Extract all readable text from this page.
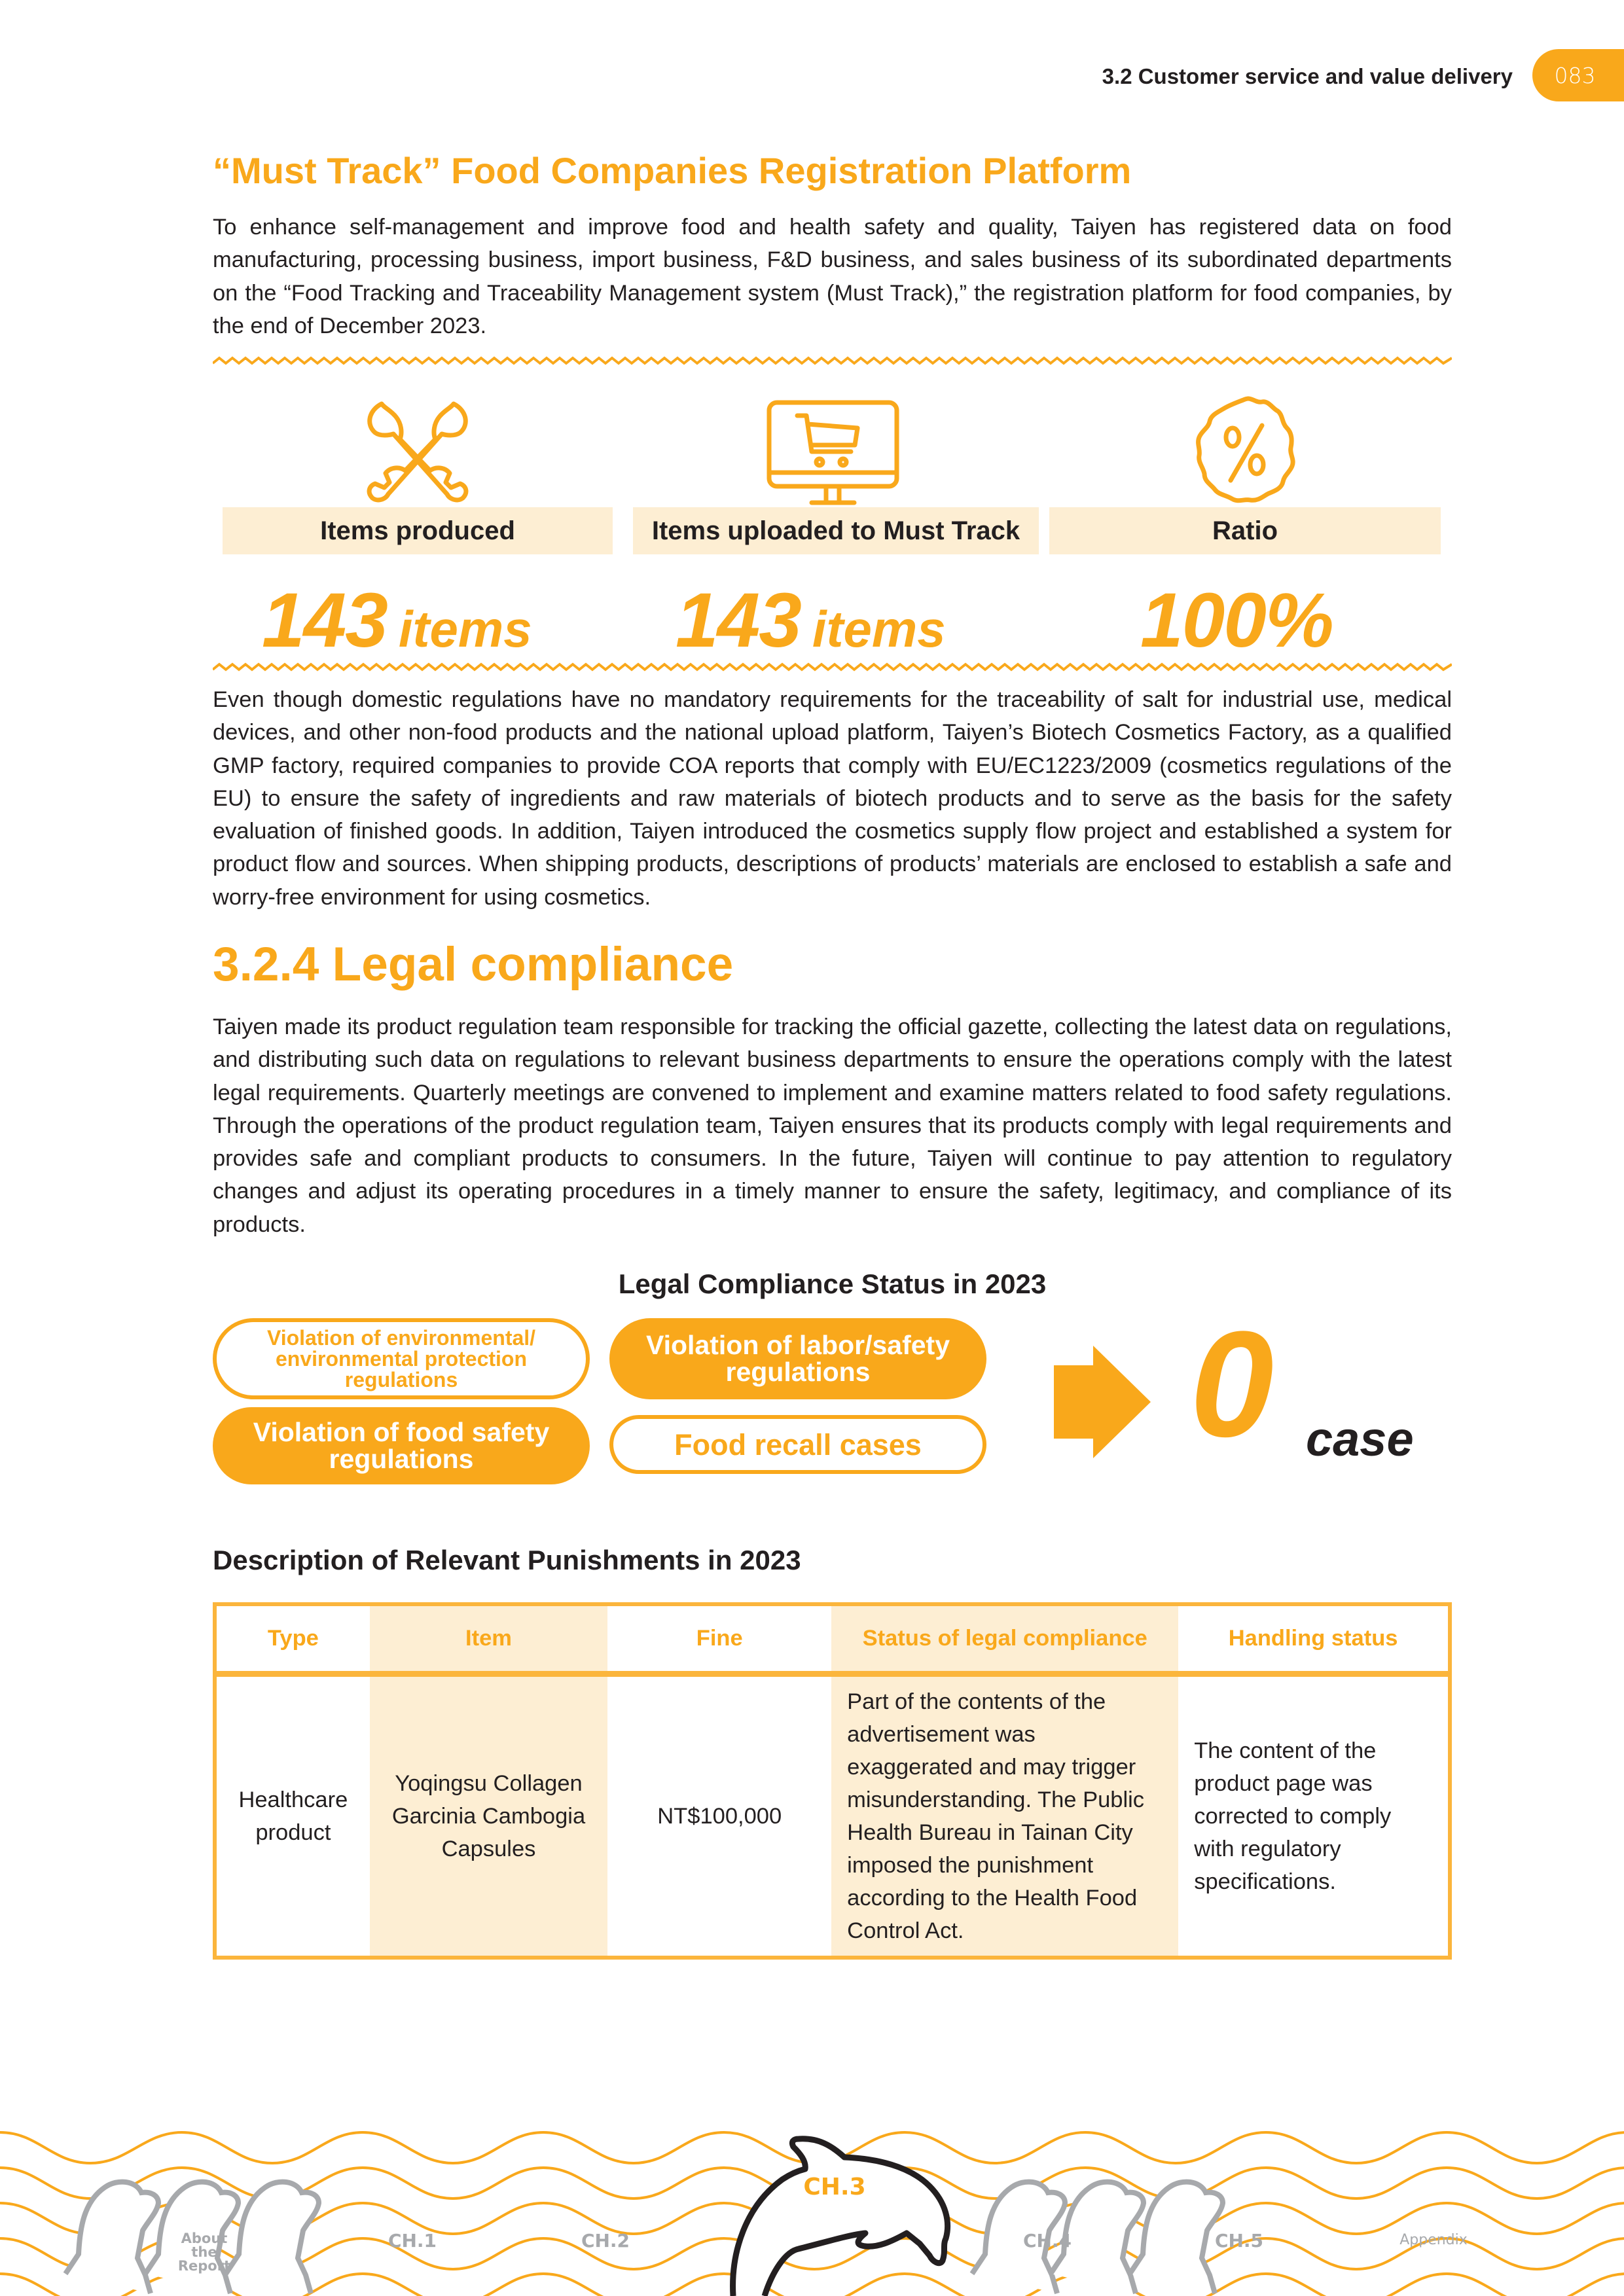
3.2 Customer service and value delivery	083
“Must Track” Food Companies Registration Platform
To enhance self-management and improve food and health safety and quality, Taiyen has registered data on food manufacturing, processing business, import business, F&D business, and sales business of its subordinated departments on the “Food Tracking and Traceability Management system (Must Track),” the registration platform for food companies, by the end of December 2023.
Items produced	Items uploaded to Must Track	Ratio
143 items 143 items	100%
Even though domestic regulations have no mandatory requirements for the traceability of salt for industrial use, medical devices, and other non-food products and the national upload platform, Taiyen’s Biotech Cosmetics Factory, as a qualified GMP factory, required companies to provide COA reports that comply with EU/EC1223/2009 (cosmetics regulations of the EU) to ensure the safety of ingredients and raw materials of biotech products and to serve as the basis for the safety evaluation of finished goods. In addition, Taiyen introduced the cosmetics supply flow project and established a system for product flow and sources. When shipping products, descriptions of products’ materials are enclosed to establish a safe and worry-free environment for using cosmetics.
3.2.4 Legal compliance
Taiyen made its product regulation team responsible for tracking the official gazette, collecting the latest data on regulations, and distributing such data on regulations to relevant business departments to ensure the operations comply with the latest legal requirements. Quarterly meetings are convened to implement and examine matters related to food safety regulations. Through the operations of the product regulation team, Taiyen ensures that its products comply with legal requirements and provides safe and compliant products to consumers. In the future, Taiyen will continue to pay attention to regulatory changes and adjust its operating procedures in a timely manner to ensure the safety, legitimacy, and compliance of its products.
Legal Compliance Status in 2023
Violation of environmental/ environmental protection regulations
Violation of labor/safety regulations
Violation of food safety regulations	Food recall cases	0 case
Description of Relevant Punishments in 2023
Type	Item	Fine	Status of legal compliance	Handling status
Healthcare product	Yoqingsu Collagen Garcinia Cambogia Capsules	NT$100,000	Part of the contents of the advertisement was exaggerated and may trigger misunderstanding. The Public Health Bureau in Tainan City imposed the punishment according to the Health Food Control Act.	The content of the product page was corrected to comply with regulatory specifications.
About the Report
CH.1	CH.2
CH.3
CH.4	CH.5	Appendix
